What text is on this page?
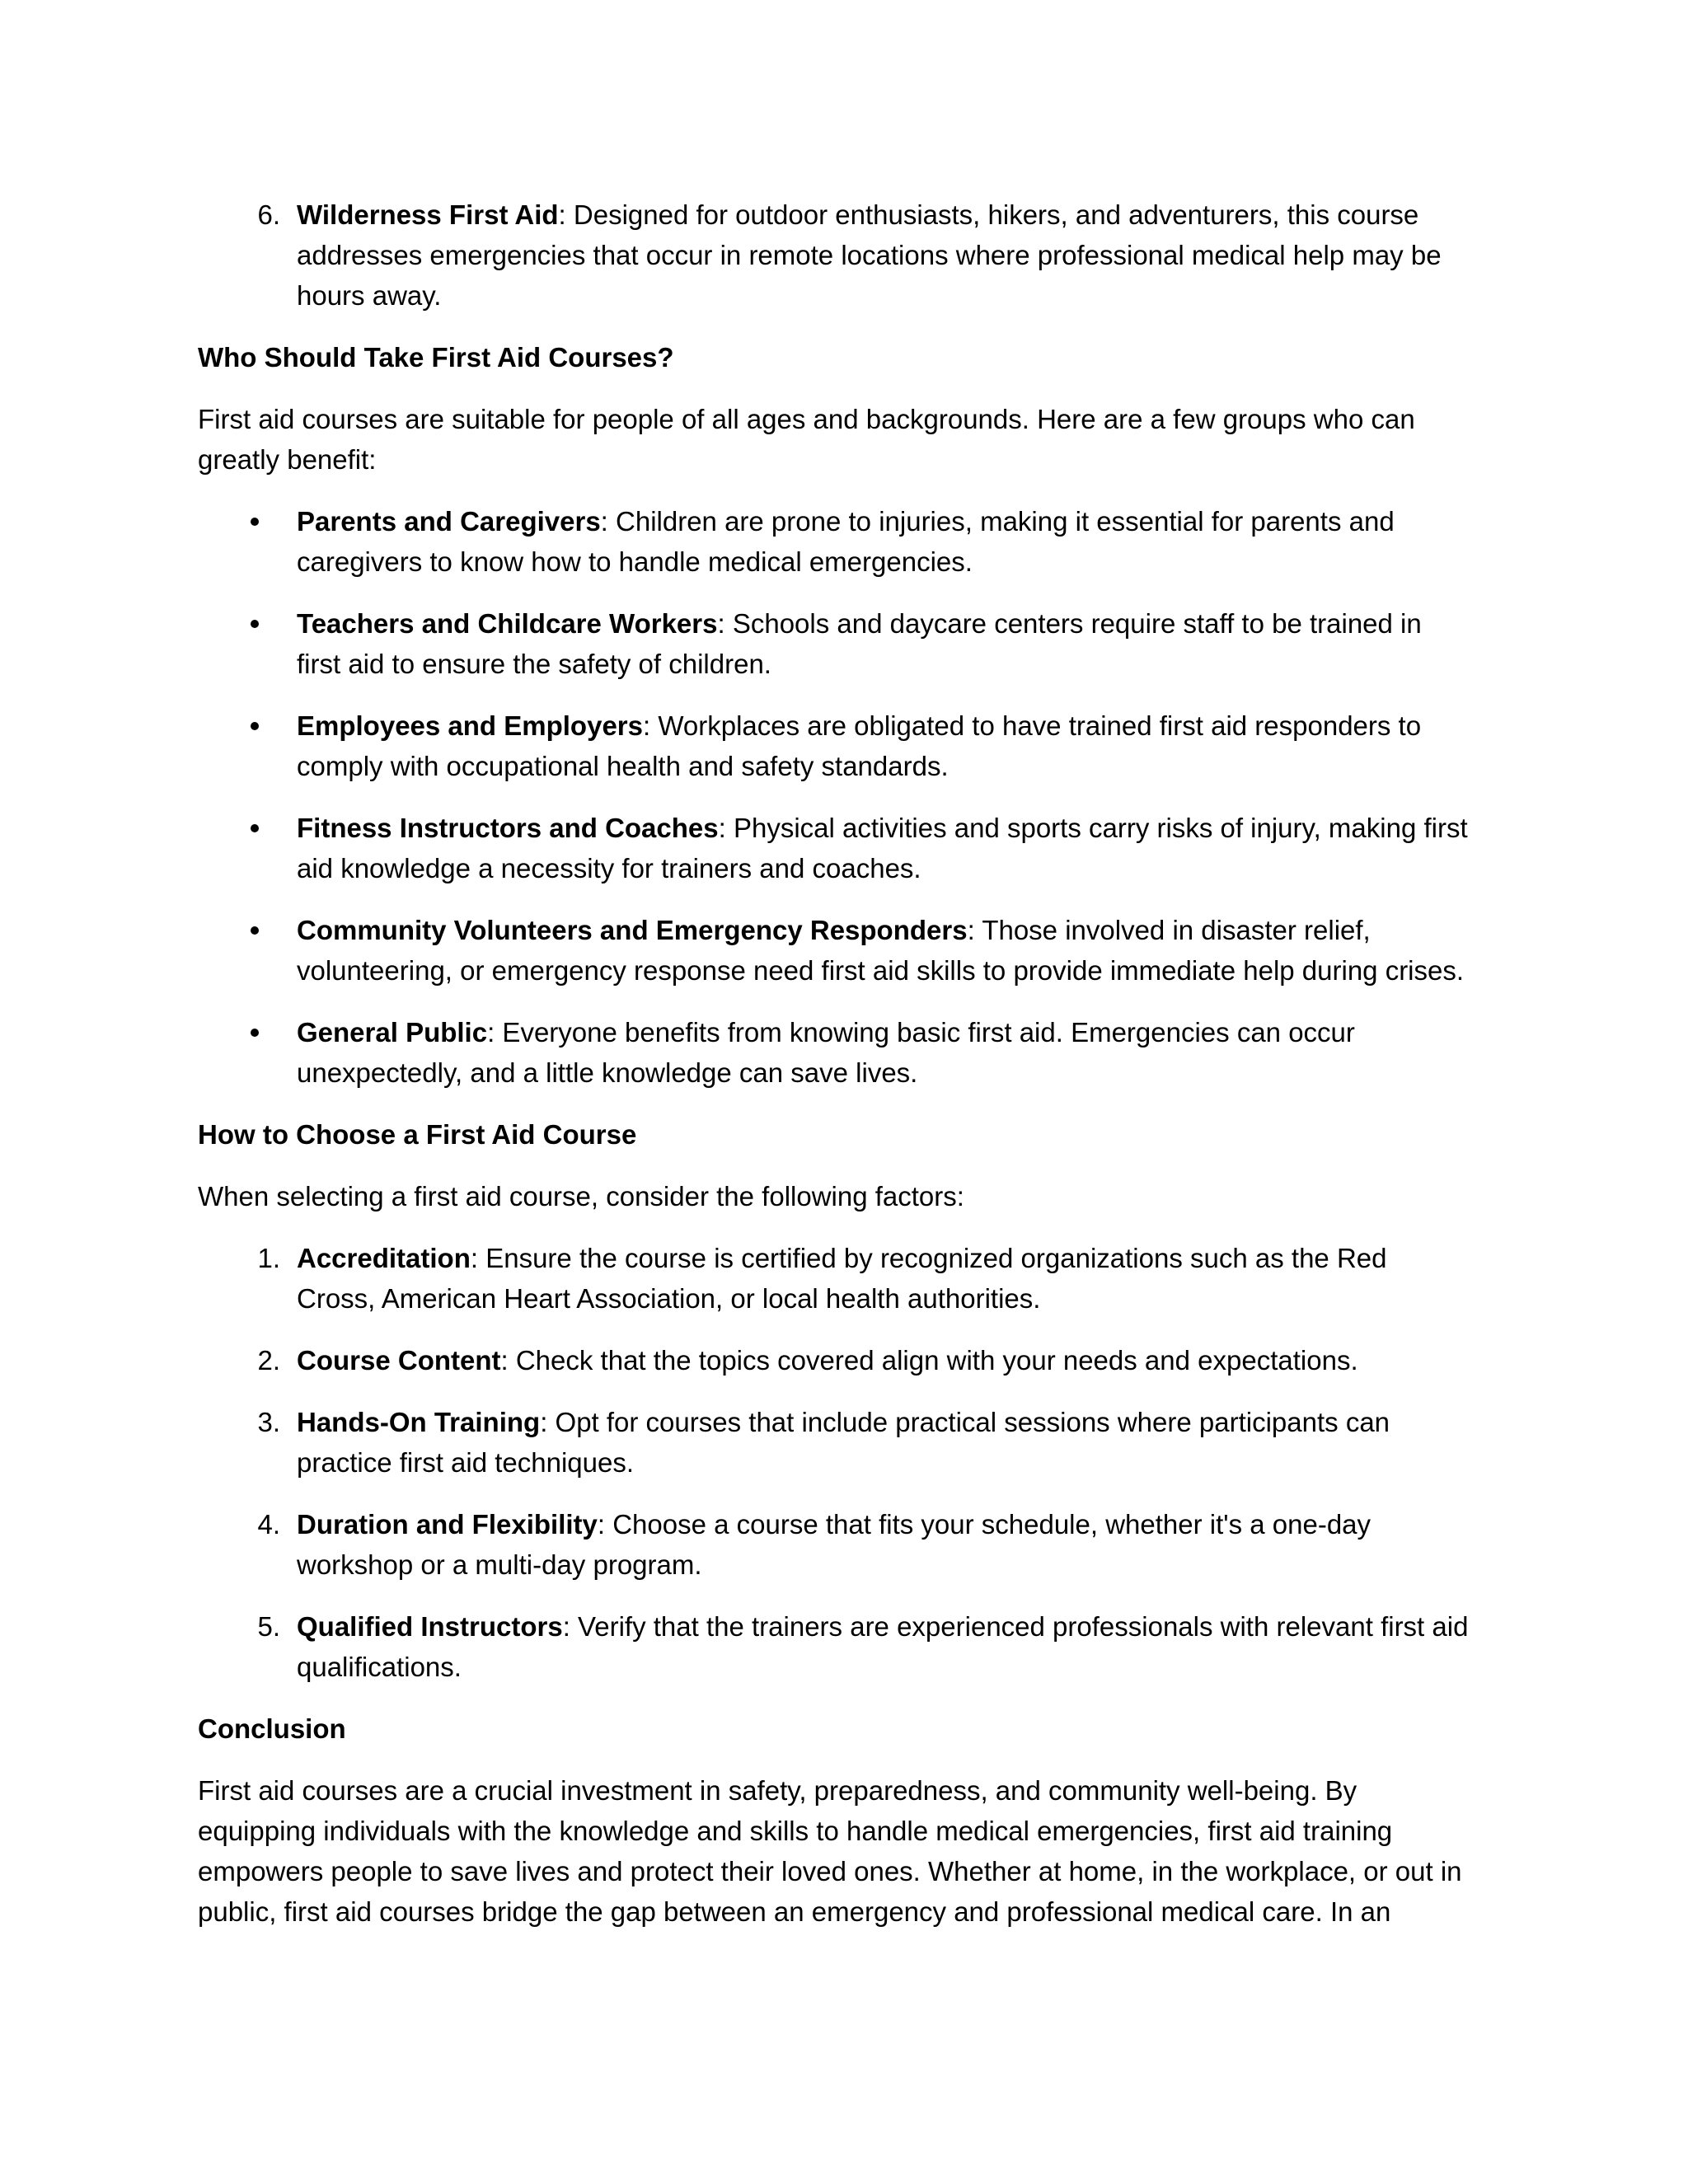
6. Wilderness First Aid: Designed for outdoor enthusiasts, hikers, and adventurers, this course addresses emergencies that occur in remote locations where professional medical help may be hours away.
Who Should Take First Aid Courses?

First aid courses are suitable for people of all ages and backgrounds. Here are a few groups who can greatly benefit:

Parents and Caregivers: Children are prone to injuries, making it essential for parents and caregivers to know how to handle medical emergencies.
Teachers and Childcare Workers: Schools and daycare centers require staff to be trained in first aid to ensure the safety of children.
Employees and Employers: Workplaces are obligated to have trained first aid responders to comply with occupational health and safety standards.
Fitness Instructors and Coaches: Physical activities and sports carry risks of injury, making first aid knowledge a necessity for trainers and coaches.
Community Volunteers and Emergency Responders: Those involved in disaster relief, volunteering, or emergency response need first aid skills to provide immediate help during crises.
General Public: Everyone benefits from knowing basic first aid. Emergencies can occur unexpectedly, and a little knowledge can save lives.
How to Choose a First Aid Course

When selecting a first aid course, consider the following factors:

1. Accreditation: Ensure the course is certified by recognized organizations such as the Red Cross, American Heart Association, or local health authorities.
2. Course Content: Check that the topics covered align with your needs and expectations.
3. Hands-On Training: Opt for courses that include practical sessions where participants can practice first aid techniques.
4. Duration and Flexibility: Choose a course that fits your schedule, whether it's a one-day workshop or a multi-day program.
5. Qualified Instructors: Verify that the trainers are experienced professionals with relevant first aid qualifications.
Conclusion

First aid courses are a crucial investment in safety, preparedness, and community well-being. By equipping individuals with the knowledge and skills to handle medical emergencies, first aid training empowers people to save lives and protect their loved ones. Whether at home, in the workplace, or out in public, first aid courses bridge the gap between an emergency and professional medical care. In an
